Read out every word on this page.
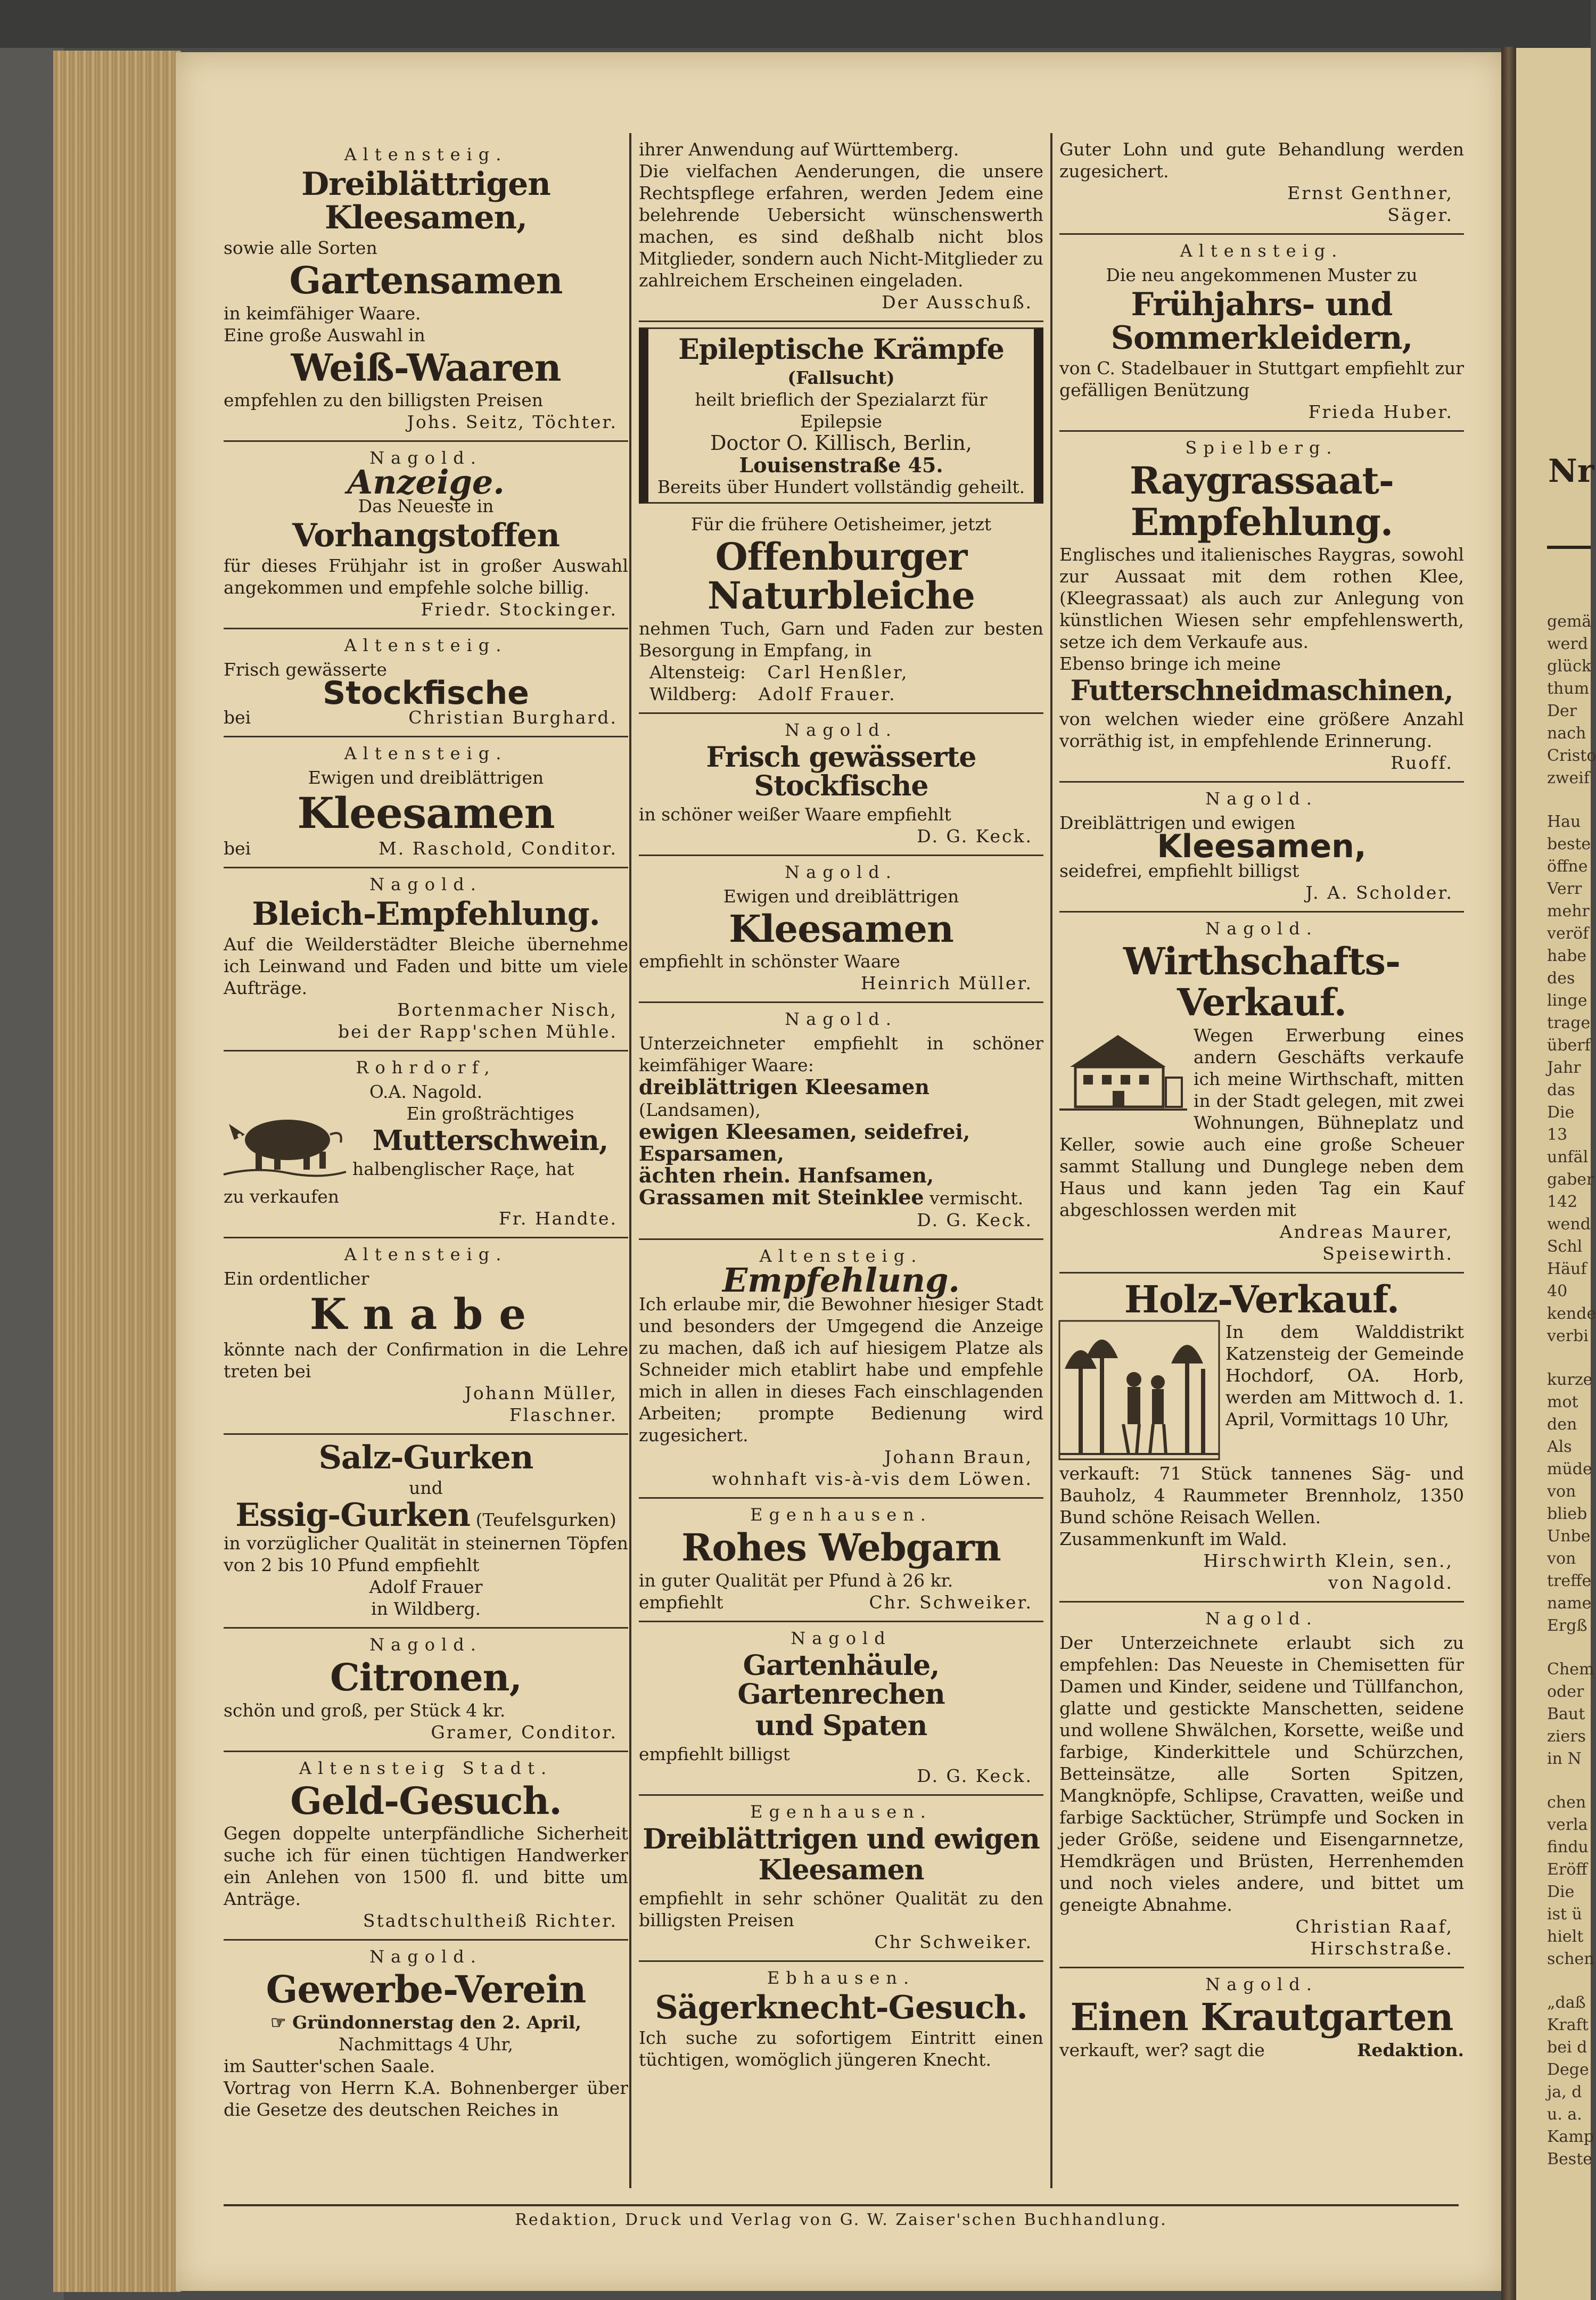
Nr
gemä
werd
glück
thum
Der
nach
Cristo
zweif
Hau
beste
öffne
Verr
mehr
veröf
habe
des
linge
trage
überf
Jahr
das
Die
13
unfäl
gaber
142
wend
Schl
Häuf
40
kende
verbi
kurze
mot
den
Als
müde
von
blieb
Unbe
von
treffe
name
Ergß
Chem
oder
Baut
ziers
in N
chen
verla
findu
Eröff
Die
ist ü
hielt
schen
„daß
Kraft
bei d
Dege
ja, d
u. a.
Kamp
Beste
Altensteig.
Dreiblättrigen Kleesamen,
sowie alle Sorten
Gartensamen
in keimfähiger Waare.
Eine große Auswahl in
Weiß-Waaren
empfehlen zu den billigsten Preisen
Johs. Seitz, Töchter.
Nagold.
Anzeige.
Das Neueste in
Vorhangstoffen
für dieses Frühjahr ist in großer Auswahl angekommen und empfehle solche billig.
Friedr. Stockinger.
Altensteig.
Frisch gewässerte
Stockfische
bei	Christian Burghard.
Altensteig.
Ewigen und dreiblättrigen
Kleesamen
bei	M. Raschold, Conditor.
Nagold.
Bleich-Empfehlung.
Auf die Weilderstädter Bleiche übernehme ich Leinwand und Faden und bitte um viele Aufträge.
Bortenmacher Nisch,
bei der Rapp'schen Mühle.
Rohrdorf,
O.A. Nagold.
Ein großträchtiges
Mutterschwein,
halbenglischer Raçe, hat
zu verkaufen
Fr. Handte.
Altensteig.
Ein ordentlicher
Knabe
könnte nach der Confirmation in die Lehre treten bei
Johann Müller,
Flaschner.
Salz-Gurken
und
Essig-Gurken (Teufelsgurken)
in vorzüglicher Qualität in steinernen Töpfen von 2 bis 10 Pfund empfiehlt
Adolf Frauer
in Wildberg.
Nagold.
Citronen,
schön und groß, per Stück 4 kr.
Gramer, Conditor.
Altensteig Stadt.
Geld-Gesuch.
Gegen doppelte unterpfändliche Sicherheit suche ich für einen tüchtigen Handwerker ein Anlehen von 1500 fl. und bitte um Anträge.
Stadtschultheiß Richter.
Nagold.
Gewerbe-Verein
☞ Gründonnerstag den 2. April,
Nachmittags 4 Uhr,
im Sautter'schen Saale.
Vortrag von Herrn K.A. Bohnenberger über die Gesetze des deutschen Reiches in
ihrer Anwendung auf Württemberg.
Die vielfachen Aenderungen, die unsere Rechtspflege erfahren, werden Jedem eine belehrende Uebersicht wünschenswerth machen, es sind deßhalb nicht blos Mitglieder, sondern auch Nicht-Mitglieder zu zahlreichem Erscheinen eingeladen.
Der Ausschuß.
Epileptische Krämpfe
(Fallsucht)
heilt brieflich der Spezialarzt für Epilepsie
Doctor O. Killisch, Berlin,
Louisenstraße 45.
Bereits über Hundert vollständig geheilt.
Für die frühere Oetisheimer, jetzt
Offenburger Naturbleiche
nehmen Tuch, Garn und Faden zur besten Besorgung in Empfang, in
Altensteig: Carl Henßler,
Wildberg: Adolf Frauer.
Nagold.
Frisch gewässerte Stockfische
in schöner weißer Waare empfiehlt
D. G. Keck.
Nagold.
Ewigen und dreiblättrigen
Kleesamen
empfiehlt in schönster Waare
Heinrich Müller.
Nagold.
Unterzeichneter empfiehlt in schöner keimfähiger Waare:
dreiblättrigen Kleesamen (Landsamen),
ewigen Kleesamen, seidefrei,
Esparsamen,
ächten rhein. Hanfsamen,
Grassamen mit Steinklee vermischt.
D. G. Keck.
Altensteig.
Empfehlung.
Ich erlaube mir, die Bewohner hiesiger Stadt und besonders der Umgegend die Anzeige zu machen, daß ich auf hiesigem Platze als Schneider mich etablirt habe und empfehle mich in allen in dieses Fach einschlagenden Arbeiten; prompte Bedienung wird zugesichert.
Johann Braun,
wohnhaft vis-à-vis dem Löwen.
Egenhausen.
Rohes Webgarn
in guter Qualität per Pfund à 26 kr.
empfiehlt	Chr. Schweiker.
Nagold
Gartenhäule, Gartenrechen
und Spaten
empfiehlt billigst
D. G. Keck.
Egenhausen.
Dreiblättrigen und ewigen
Kleesamen
empfiehlt in sehr schöner Qualität zu den billigsten Preisen
Chr Schweiker.
Ebhausen.
Sägerknecht-Gesuch.
Ich suche zu sofortigem Eintritt einen tüchtigen, womöglich jüngeren Knecht.
Guter Lohn und gute Behandlung werden zugesichert.
Ernst Genthner,
Säger.
Altensteig.
Die neu angekommenen Muster zu
Frühjahrs- und Sommerkleidern,
von C. Stadelbauer in Stuttgart empfiehlt zur gefälligen Benützung
Frieda Huber.
Spielberg.
Raygrassaat-
Empfehlung.
Englisches und italienisches Raygras, sowohl zur Aussaat mit dem rothen Klee, (Kleegrassaat) als auch zur Anlegung von künstlichen Wiesen sehr empfehlenswerth, setze ich dem Verkaufe aus.
Ebenso bringe ich meine
Futterschneidmaschinen,
von welchen wieder eine größere Anzahl vorräthig ist, in empfehlende Erinnerung.
Ruoff.
Nagold.
Dreiblättrigen und ewigen
Kleesamen,
seidefrei, empfiehlt billigst
J. A. Scholder.
Nagold.
Wirthschafts-
Verkauf.
Wegen Erwerbung eines andern Geschäfts verkaufe ich meine Wirthschaft, mitten in der Stadt gelegen, mit zwei Wohnungen, Bühneplatz und Keller, sowie auch eine große Scheuer sammt Stallung und Dunglege neben dem Haus und kann jeden Tag ein Kauf abgeschlossen werden mit
Andreas Maurer,
Speisewirth.
Holz-Verkauf.
In dem Walddistrikt Katzensteig der Gemeinde Hochdorf, OA. Horb, werden am Mittwoch d. 1. April, Vormittags 10 Uhr,
verkauft: 71 Stück tannenes Säg- und Bauholz, 4 Raummeter Brennholz, 1350 Bund schöne Reisach Wellen.
Zusammenkunft im Wald.
Hirschwirth Klein, sen.,
von Nagold.
Nagold.
Der Unterzeichnete erlaubt sich zu empfehlen: Das Neueste in Chemisetten für Damen und Kinder, seidene und Tüllfanchon, glatte und gestickte Manschetten, seidene und wollene Shwälchen, Korsette, weiße und farbige, Kinderkittele und Schürzchen, Betteinsätze, alle Sorten Spitzen, Mangknöpfe, Schlipse, Cravatten, weiße und farbige Sacktücher, Strümpfe und Socken in jeder Größe, seidene und Eisengarnnetze, Hemdkrägen und Brüsten, Herrenhemden und noch vieles andere, und bittet um geneigte Abnahme.
Christian Raaf,
Hirschstraße.
Nagold.
Einen Krautgarten
verkauft, wer? sagt die	Redaktion.
Redaktion, Druck und Verlag von G. W. Zaiser'schen Buchhandlung.
